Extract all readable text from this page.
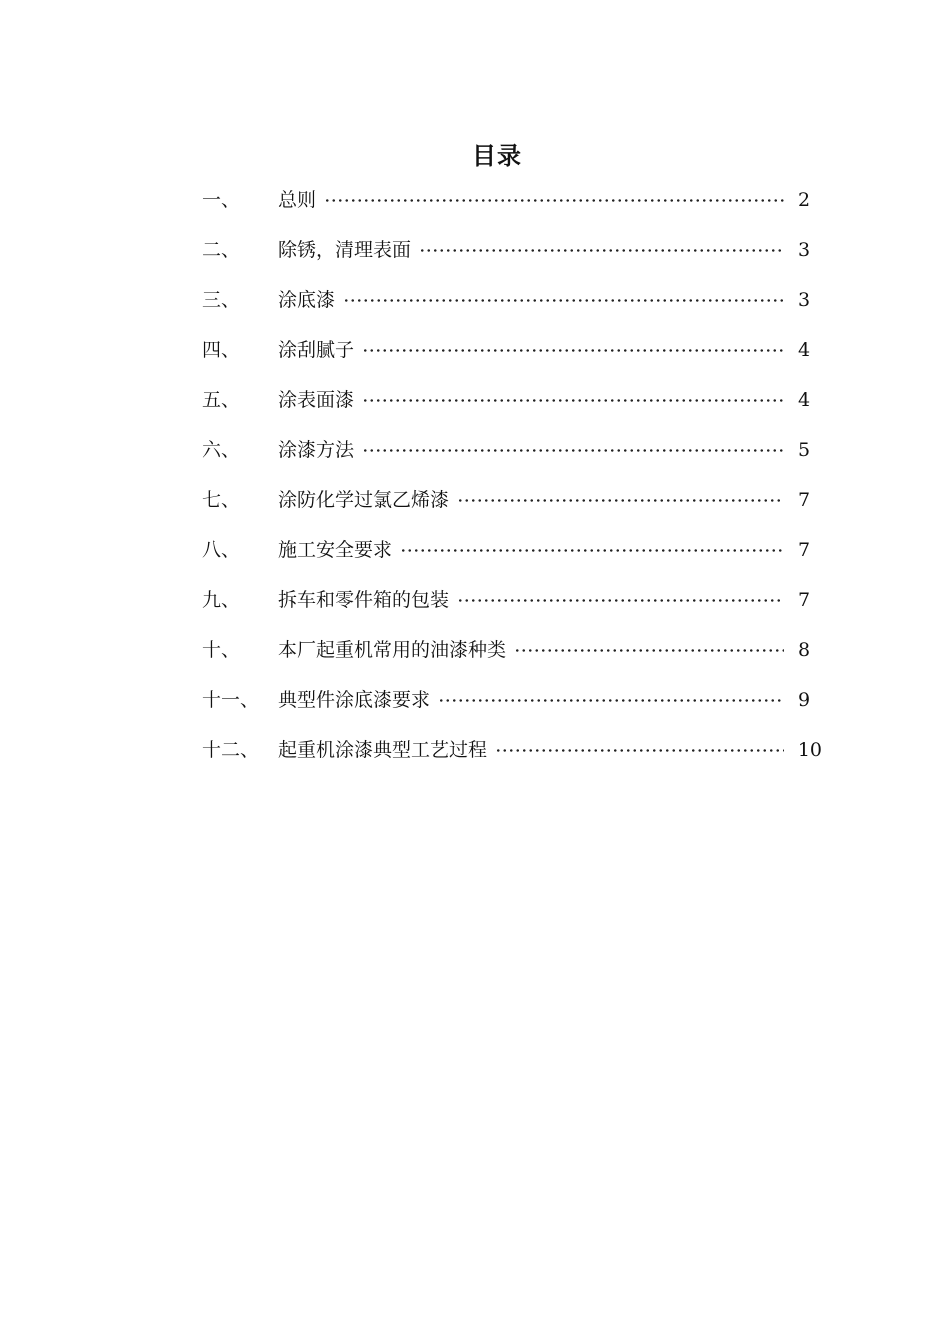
目录
一、	总则	2
二、	除锈，清理表面	3
三、	涂底漆	3
四、	涂刮腻子	4
五、	涂表面漆	4
六、	涂漆方法	5
七、	涂防化学过氯乙烯漆	7
八、	施工安全要求	7
九、	拆车和零件箱的包装	7
十、	本厂起重机常用的油漆种类	8
十一、 典型件涂底漆要求	9
十二、 起重机涂漆典型工艺过程	10
